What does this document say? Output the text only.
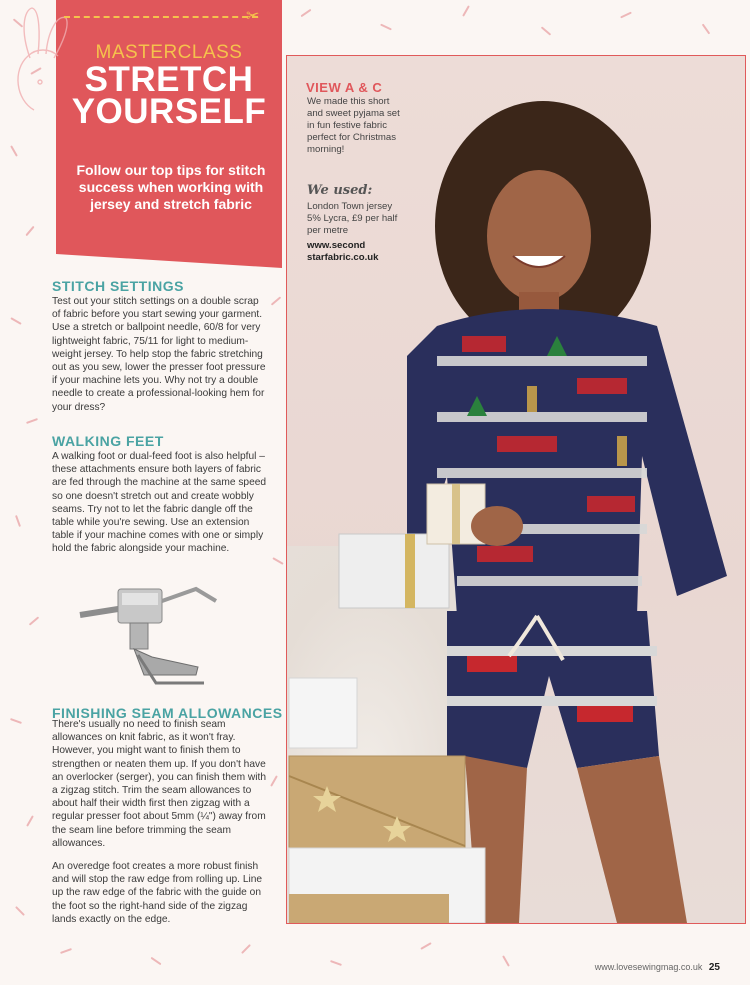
MASTERCLASS
STRETCH
YOURSELF
✂
Follow our top tips for stitch success when working with jersey and stretch fabric
STITCH SETTINGS
Test out your stitch settings on a double scrap of fabric before you start sewing your garment. Use a stretch or ballpoint needle, 60/8 for very lightweight fabric, 75/11 for light to medium-weight jersey. To help stop the fabric stretching out as you sew, lower the presser foot pressure if your machine lets you. Why not try a double needle to create a professional-looking hem for your dress?
WALKING FEET
A walking foot or dual-feed foot is also helpful – these attachments ensure both layers of fabric are fed through the machine at the same speed so one doesn't stretch out and create wobbly seams. Try not to let the fabric dangle off the table while you're sewing. Use an extension table if your machine comes with one or simply hold the fabric alongside your machine.
FINISHING SEAM ALLOWANCES
There's usually no need to finish seam allowances on knit fabric, as it won't fray. However, you might want to finish them to strengthen or neaten them up. If you don't have an overlocker (serger), you can finish them with a zigzag stitch. Trim the seam allowances to about half their width first then zigzag with a regular presser foot about 5mm (¼") away from the seam line before trimming the seam allowances.
An overedge foot creates a more robust finish and will stop the raw edge from rolling up. Line up the raw edge of the fabric with the guide on the foot so the right-hand side of the zigzag lands exactly on the edge.
VIEW A & C
We made this short and sweet pyjama set in fun festive fabric perfect for Christmas morning!
We used:
London Town jersey 5% Lycra, £9 per half per metre
www.second starfabric.co.uk
www.lovesewingmag.co.uk 25
